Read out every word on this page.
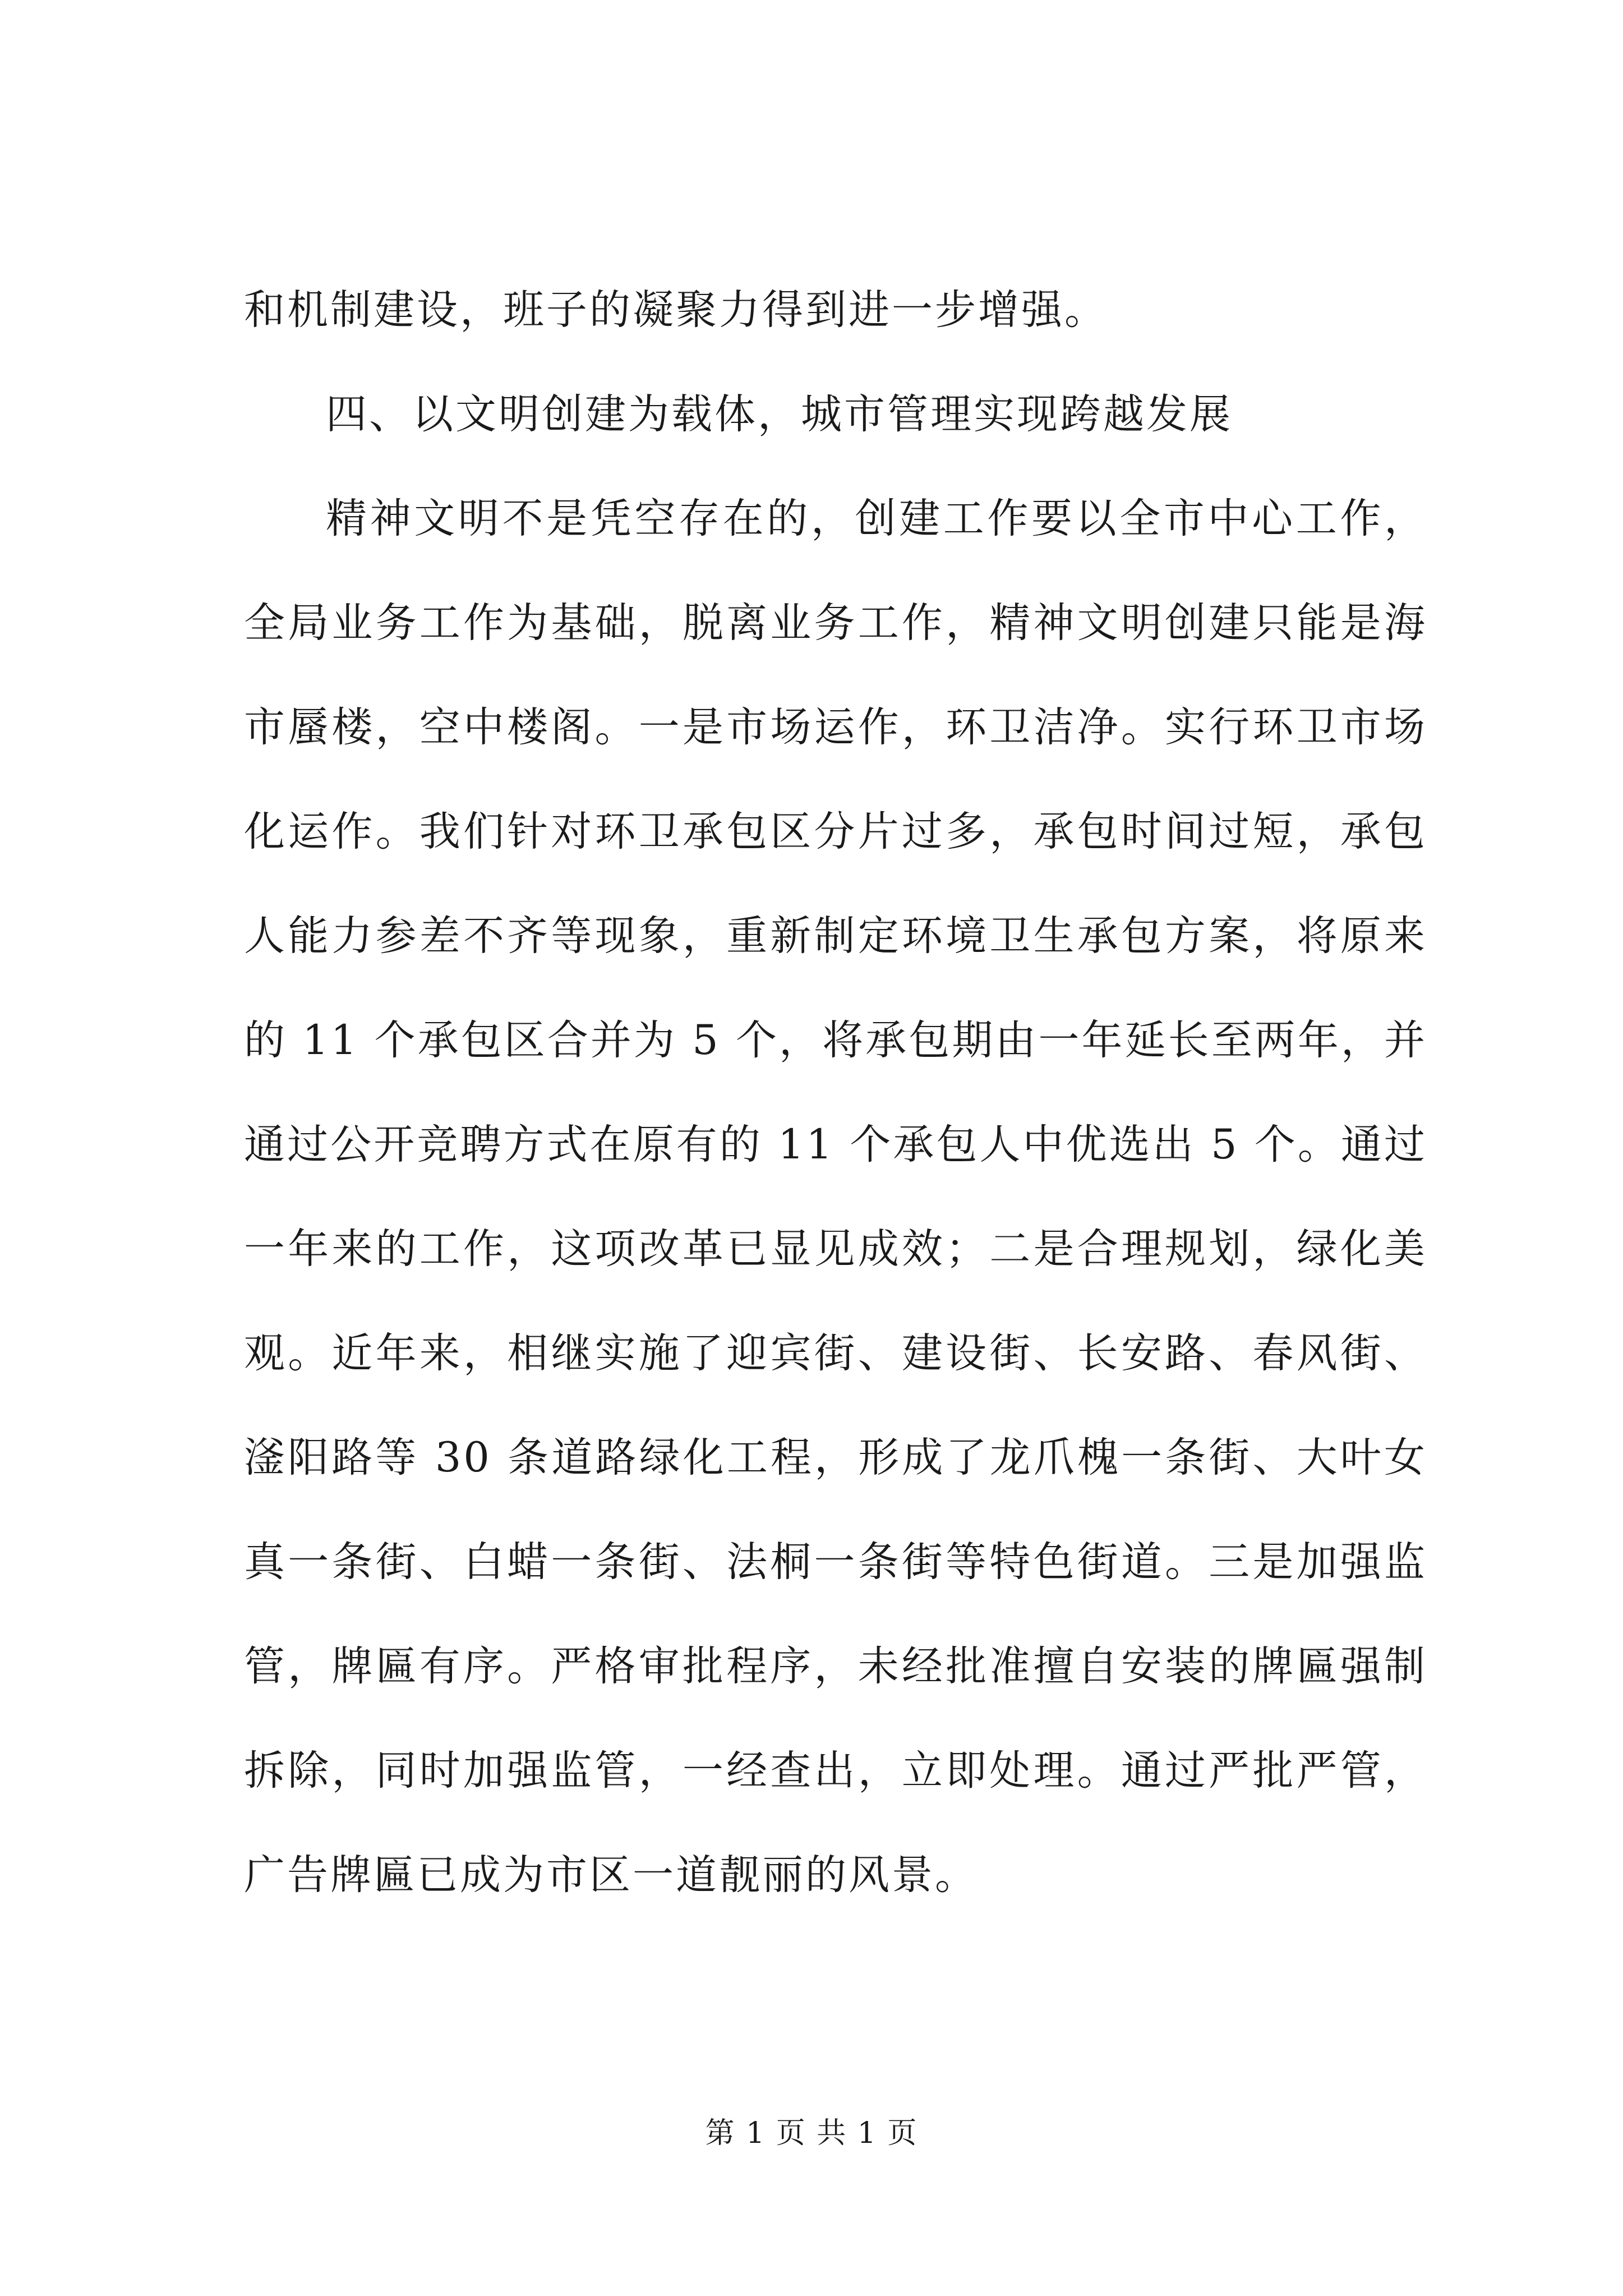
和机制建设，班子的凝聚力得到进一步增强。

四、以文明创建为载体，城市管理实现跨越发展

精神文明不是凭空存在的，创建工作要以全市中心工作，全局业务工作为基础，脱离业务工作，精神文明创建只能是海市蜃楼，空中楼阁。一是市场运作，环卫洁净。实行环卫市场化运作。我们针对环卫承包区分片过多，承包时间过短，承包人能力参差不齐等现象，重新制定环境卫生承包方案，将原来的 11 个承包区合并为 5 个，将承包期由一年延长至两年，并通过公开竞聘方式在原有的 11 个承包人中优选出 5 个。通过一年来的工作，这项改革已显见成效；二是合理规划，绿化美观。近年来，相继实施了迎宾街、建设街、长安路、春风街、滏阳路等 30 条道路绿化工程，形成了龙爪槐一条街、大叶女真一条街、白蜡一条街、法桐一条街等特色街道。三是加强监管，牌匾有序。严格审批程序，未经批准擅自安装的牌匾强制拆除，同时加强监管，一经查出，立即处理。通过严批严管，广告牌匾已成为市区一道靓丽的风景。

第 1 页 共 1 页
